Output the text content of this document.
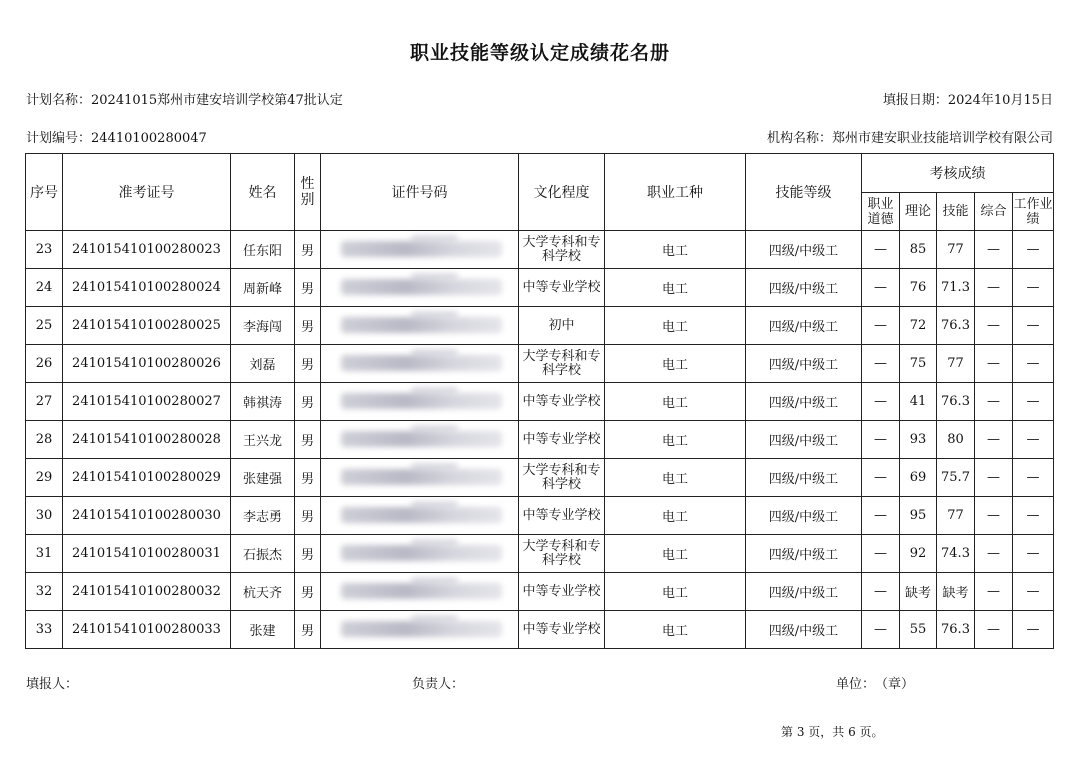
职业技能等级认定成绩花名册
计划名称：20241015郑州市建安培训学校第47批认定	填报日期：2024年10月15日
计划编号：24410100280047	机构名称：郑州市建安职业技能培训学校有限公司
序号	准考证号	姓名	性别	证件号码	文化程度	职业工种	技能等级	考核成绩				
								职业道德	理论	技能	综合	工作业绩
23	241015410100280023	任东阳	男		大学专科和专科学校	电工	四级/中级工	—	85	77	—	—
24	241015410100280024	周新峰	男		中等专业学校	电工	四级/中级工	—	76	71.3	—	—
25	241015410100280025	李海闯	男		初中	电工	四级/中级工	—	72	76.3	—	—
26	241015410100280026	刘磊	男		大学专科和专科学校	电工	四级/中级工	—	75	77	—	—
27	241015410100280027	韩祺涛	男		中等专业学校	电工	四级/中级工	—	41	76.3	—	—
28	241015410100280028	王兴龙	男		中等专业学校	电工	四级/中级工	—	93	80	—	—
29	241015410100280029	张建强	男		大学专科和专科学校	电工	四级/中级工	—	69	75.7	—	—
30	241015410100280030	李志勇	男		中等专业学校	电工	四级/中级工	—	95	77	—	—
31	241015410100280031	石振杰	男		大学专科和专科学校	电工	四级/中级工	—	92	74.3	—	—
32	241015410100280032	杭天齐	男		中等专业学校	电工	四级/中级工	—	缺考	缺考	—	—
33	241015410100280033	张建	男		中等专业学校	电工	四级/中级工	—	55	76.3	—	—
填报人：	负责人：	单位：　（章）
第 3 页，共 6 页。
